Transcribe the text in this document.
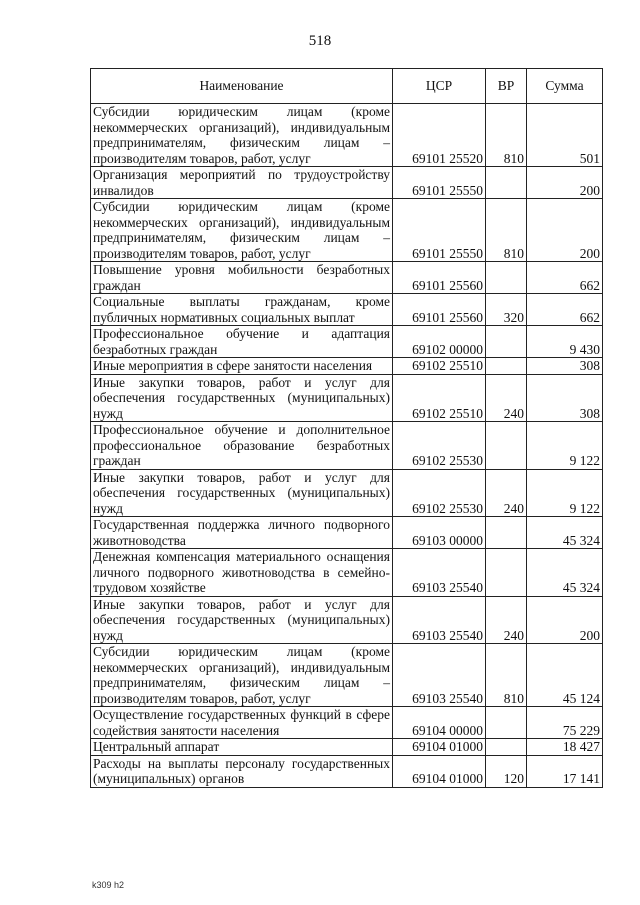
518
Наименование	ЦСР	ВР	Сумма
Субсидии юридическим лицам (кроме некоммерческих организаций), индивидуальным предпринимателям, физическим лицам – производителям товаров, работ, услуг	69101 25520	810	501
Организация мероприятий по трудоустройству инвалидов	69101 25550		200
Субсидии юридическим лицам (кроме некоммерческих организаций), индивидуальным предпринимателям, физическим лицам – производителям товаров, работ, услуг	69101 25550	810	200
Повышение уровня мобильности безработных граждан	69101 25560		662
Социальные выплаты гражданам, кроме публичных нормативных социальных выплат	69101 25560	320	662
Профессиональное обучение и адаптация безработных граждан	69102 00000		9 430
Иные мероприятия в сфере занятости населения	69102 25510		308
Иные закупки товаров, работ и услуг для обеспечения государственных (муниципальных) нужд	69102 25510	240	308
Профессиональное обучение и дополнительное профессиональное образование безработных граждан	69102 25530		9 122
Иные закупки товаров, работ и услуг для обеспечения государственных (муниципальных) нужд	69102 25530	240	9 122
Государственная поддержка личного подворного животноводства	69103 00000		45 324
Денежная компенсация материального оснащения личного подворного животноводства в семейно-трудовом хозяйстве	69103 25540		45 324
Иные закупки товаров, работ и услуг для обеспечения государственных (муниципальных) нужд	69103 25540	240	200
Субсидии юридическим лицам (кроме некоммерческих организаций), индивидуальным предпринимателям, физическим лицам – производителям товаров, работ, услуг	69103 25540	810	45 124
Осуществление государственных функций в сфере содействия занятости населения	69104 00000		75 229
Центральный аппарат	69104 01000		18 427
Расходы на выплаты персоналу государственных (муниципальных) органов	69104 01000	120	17 141
k309 h2
